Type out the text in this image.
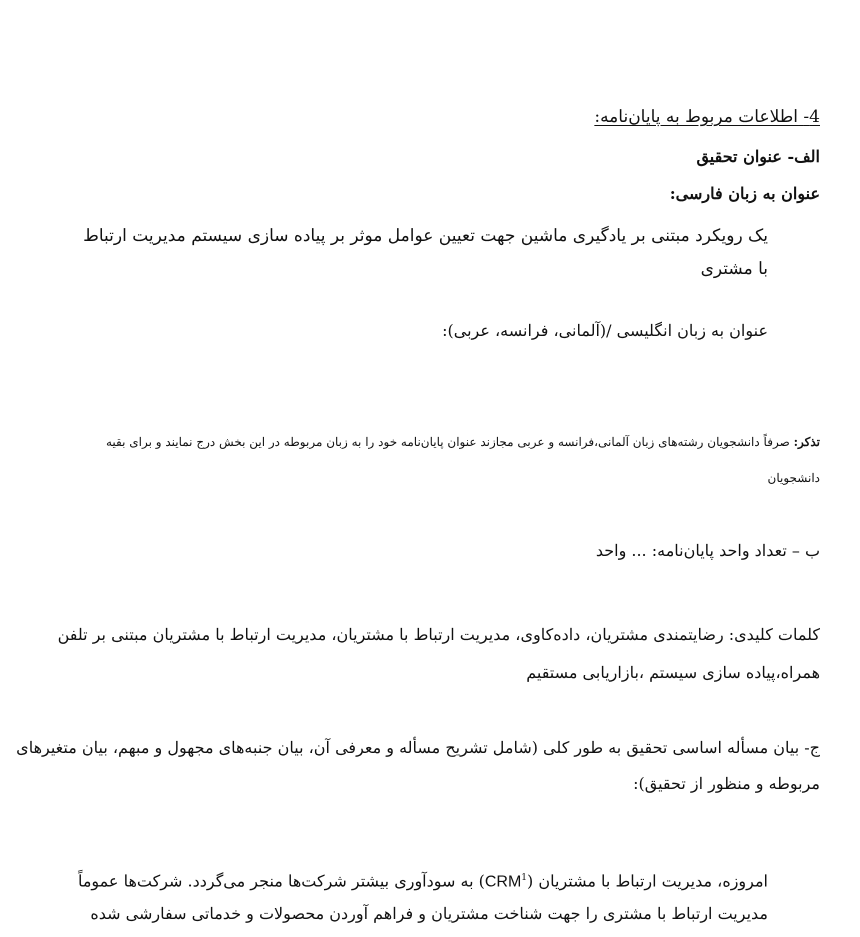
4- اطلاعات مربوط به پایان‌نامه:
الف- عنوان تحقیق
عنوان به زبان فارسی:
یک رویکرد مبتنی بر یادگیری ماشین جهت تعیین عوامل موثر بر پیاده سازی سیستم مدیریت ارتباط
با مشتری
عنوان به زبان انگلیسی /(آلمانی، فرانسه، عربی):
تذکر: صرفاً دانشجویان رشته‌های زبان آلمانی،فرانسه و عربی مجازند عنوان پایان‌نامه خود را به زبان مربوطه در این بخش درج نمایند و برای بقیه
دانشجویان
ب – تعداد واحد پایان‌نامه: ... واحد
کلمات کلیدی: رضایتمندی مشتریان، داده‌کاوی، مدیریت ارتباط با مشتریان، مدیریت ارتباط با مشتریان مبتنی بر تلفن
همراه،پیاده سازی سیستم ،بازاریابی مستقیم
ج- بیان مسأله اساسی تحقیق به طور کلی (شامل تشریح مسأله و معرفی آن، بیان جنبه‌های مجهول و مبهم، بیان متغیرهای
مربوطه و منظور از تحقیق):
امروزه، مدیریت ارتباط با مشتریان (CRM$^1$) به سودآوری بیشتر شرکت‌ها منجر می‌گردد. شرکت‌ها عموماً
مدیریت ارتباط با مشتری را جهت شناخت مشتریان و فراهم آوردن محصولات و خدماتی سفارشی شده
